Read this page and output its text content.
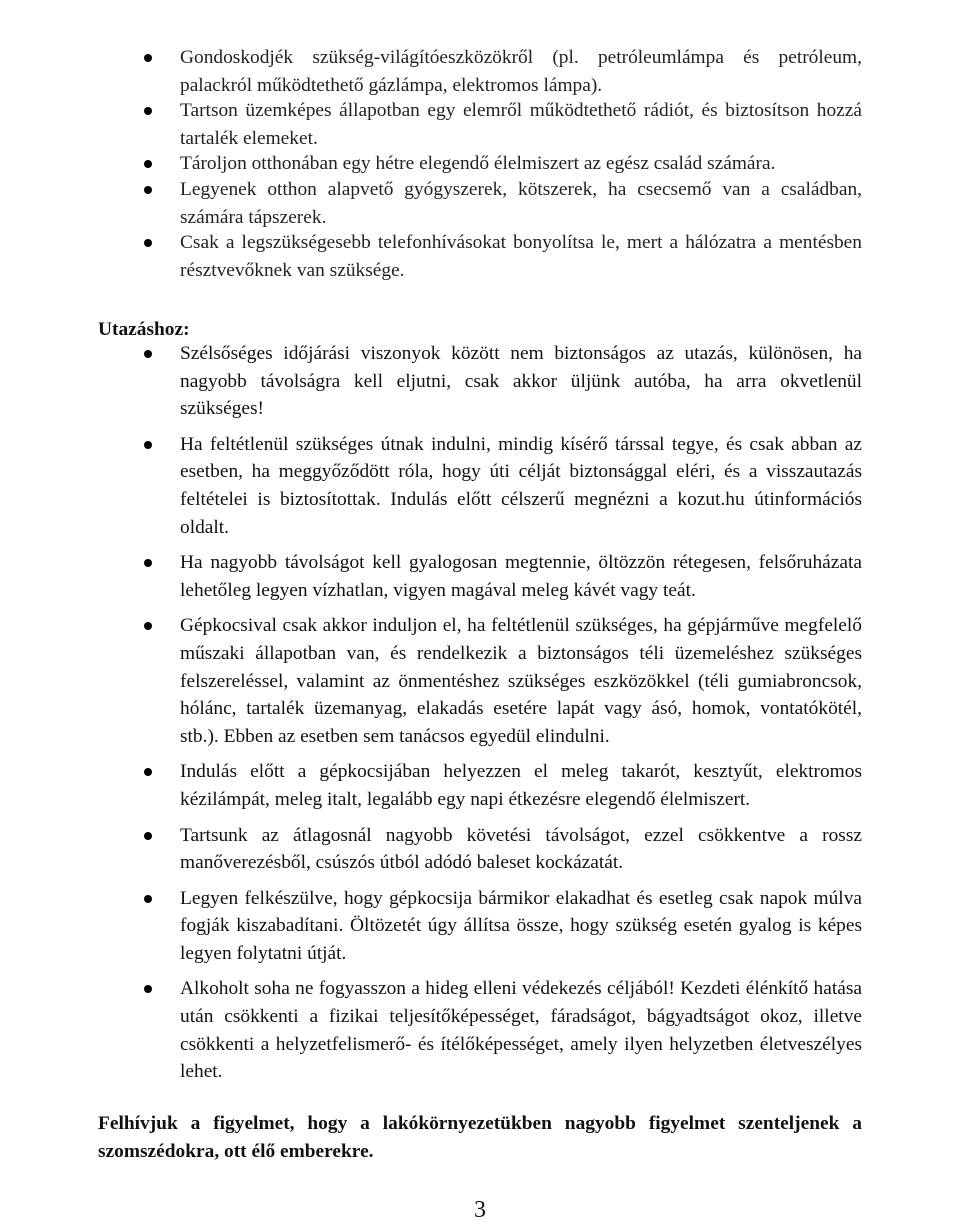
Gondoskodjék szükség-világítóeszközökről (pl. petróleumlámpa és petróleum, palackról működtethető gázlámpa, elektromos lámpa).
Tartson üzemképes állapotban egy elemről működtethető rádiót, és biztosítson hozzá tartalék elemeket.
Tároljon otthonában egy hétre elegendő élelmiszert az egész család számára.
Legyenek otthon alapvető gyógyszerek, kötszerek, ha csecsemő van a családban, számára tápszerek.
Csak a legszükségesebb telefonhívásokat bonyolítsa le, mert a hálózatra a mentésben résztvevőknek van szüksége.

Utazáshoz:

Szélsőséges időjárási viszonyok között nem biztonságos az utazás, különösen, ha nagyobb távolságra kell eljutni, csak akkor üljünk autóba, ha arra okvetlenül szükséges!
Ha feltétlenül szükséges útnak indulni, mindig kísérő társsal tegye, és csak abban az esetben, ha meggyőződött róla, hogy úti célját biztonsággal eléri, és a visszautazás feltételei is biztosítottak. Indulás előtt célszerű megnézni a kozut.hu útinformációs oldalt.
Ha nagyobb távolságot kell gyalogosan megtennie, öltözzön rétegesen, felsőruházata lehetőleg legyen vízhatlan, vigyen magával meleg kávét vagy teát.
Gépkocsival csak akkor induljon el, ha feltétlenül szükséges, ha gépjárműve megfelelő műszaki állapotban van, és rendelkezik a biztonságos téli üzemeléshez szükséges felszereléssel, valamint az önmentéshez szükséges eszközökkel (téli gumiabroncsok, hólánc, tartalék üzemanyag, elakadás esetére lapát vagy ásó, homok, vontatókötél, stb.). Ebben az esetben sem tanácsos egyedül elindulni.
Indulás előtt a gépkocsijában helyezzen el meleg takarót, kesztyűt, elektromos kézilámpát, meleg italt, legalább egy napi étkezésre elegendő élelmiszert.
Tartsunk az átlagosnál nagyobb követési távolságot, ezzel csökkentve a rossz manőverezésből, csúszós útból adódó baleset kockázatát.
Legyen felkészülve, hogy gépkocsija bármikor elakadhat és esetleg csak napok múlva fogják kiszabadítani. Öltözetét úgy állítsa össze, hogy szükség esetén gyalog is képes legyen folytatni útját.
Alkoholt soha ne fogyasszon a hideg elleni védekezés céljából! Kezdeti élénkítő hatása után csökkenti a fizikai teljesítőképességet, fáradságot, bágyadtságot okoz, illetve csökkenti a helyzetfelismerő- és ítélőképességet, amely ilyen helyzetben életveszélyes lehet.

Felhívjuk a figyelmet, hogy a lakókörnyezetükben nagyobb figyelmet szenteljenek a szomszédokra, ott élő emberekre.

3
